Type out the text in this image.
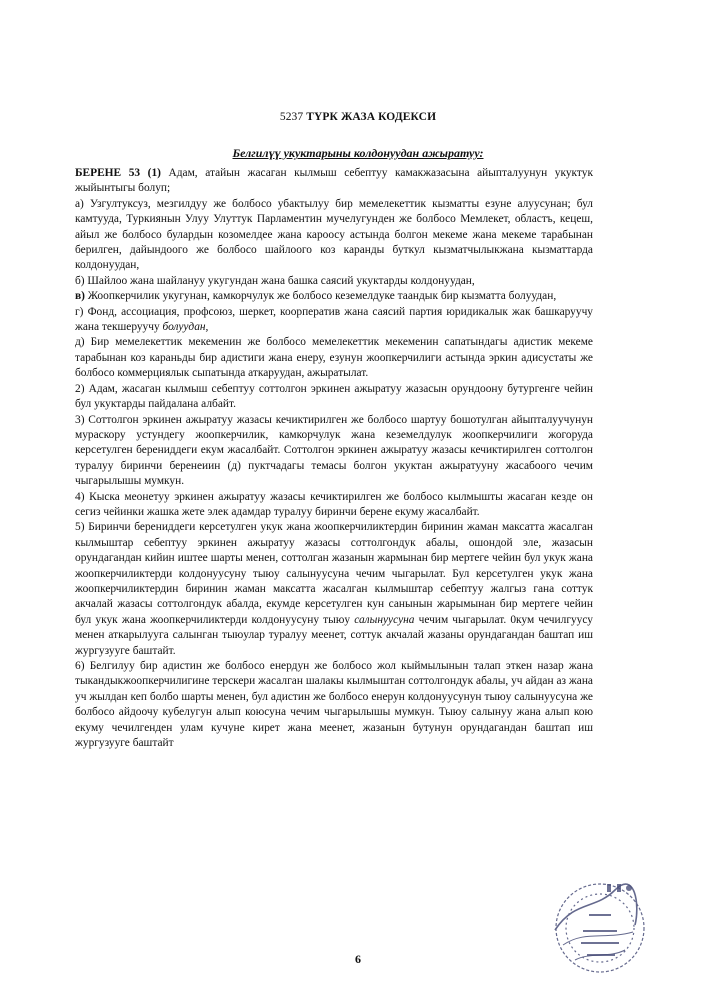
5237 ТҮРК ЖАЗА КОДЕКСИ
Белгилүү укуктарыны колдонуудан ажыратуу:

БЕРЕНЕ 53 (1) Адам, атайын жасаган кылмыш себептуу камакжазасына айыпталуунун укуктук жыйынтыгы болуп;

а) Узгултуксуз, мезгилдуу же болбосо убактылуу бир мемелекеттик кызматты езуне алуусунан; бул камтууда, Туркиянын Улуу Улуттук Парламентин мучелугунден же болбосо Мемлекет, областъ, кецеш, айыл же болбосо булардын козомелдее жана кароосу астында болгон мекеме жана мекеме тарабынан берилген, дайындоого же болбосо шайлоого коз каранды буткул кызматчылыкжана кызматтарда колдонуудан,

б) Шайлоо жана шайлануу укугундан жана башка саясий укуктарды колдонуудан,

в) Жоопкерчилик укугунан, камкорчулук же болбосо кеземелдуке таандык бир кызматта болуудан,

г) Фонд, ассоциация, профсоюз, шеркет, коорператив жана саясий партия юридикалык жак башкаруучу жана текшеруучу болуудан,

д) Бир мемелекеттик мекеменин же болбосо мемелекеттик мекеменин сапатындагы адистик мекеме тарабынан коз караньды бир адистиги жана енеру, езунун жоопкерчилиги астында эркин адисустаты же болбосо коммерциялык сыпатында аткаруудан, ажыратылат.

2) Адам, жасаган кылмыш себептуу соттолгон эркинен ажыратуу жазасын орундоону бутургенге чейин бул укуктарды пайдалана албайт.

3) Соттолгон эркинен ажыратуу жазасы кечиктирилген же болбосо шартуу бошотулган айыпталуучунун мураскору устундегу жоопкерчилик, камкорчулук жана кеземелдулук жоопкерчилиги жогоруда керсетулген берениддеги екум жасалбайт. Соттолгон эркинен ажыратуу жазасы кечиктирилген соттолгон туралуу биринчи беренеиин (д) пуктчадагы темасы болгон укуктан ажыратууну жасабоого чечим чыгарылышы мумкун.

4) Кыска меонетуу эркинен ажыратуу жазасы кечиктирилген же болбосо кылмышты жасаган кезде он сегиз чейинки жашка жете элек адамдар туралуу биринчи берене екуму жасалбайт.

5) Биринчи берениддеги керсетулген укук жана жоопкерчиликтердин биринин жаман максатта жасалган кылмыштар себептуу эркинен ажыратуу жазасы соттолгондук абалы, ошондой эле, жазасын орундагандан кийин иштее шарты менен, соттолган жазанын жармынан бир мертеге чейин бул укук жана жоопкерчиликтерди колдонуусуну тыюу салынуусуна чечим чыгарылат. Бул керсетулген укук жана жоопкерчиликтердин биринин жаман максатта жасалган кылмыштар себептуу жалгыз гана соттук акчалай жазасы соттолгондук абалда, екумде керсетулген кун санынын жарымынан бир мертеге чейин бул укук жана жоопкерчиликтерди колдонуусуну тыюу салынуусуна чечим чыгарылат. 0кум чечилгуусу менен аткарылууга салынган тыюулар туралуу меенет, соттук акчалай жазаны орундагандан баштап иш жургузууге баштайт.

6) Белгилуу бир адистин же болбосо енердун же болбосо жол кыймылынын талап эткен назар жана тыкандыкжоопкерчилигине терскери жасалган шалакы кылмыштан соттолгондук абалы, уч айдан аз жана уч жылдан кеп болбо шарты менен, бул адистин же болбосо енерун колдонуусунун тыюу салынуусуна же болбосо айдоочу кубелугун алып коюсуна чечим чыгарылышы мумкун. Тыюу салынуу жана алып кою екуму чечилгенден улам кучуне кирет жана меенет, жазанын бутунун орундагандан баштап иш жургузууге баштайт

6
